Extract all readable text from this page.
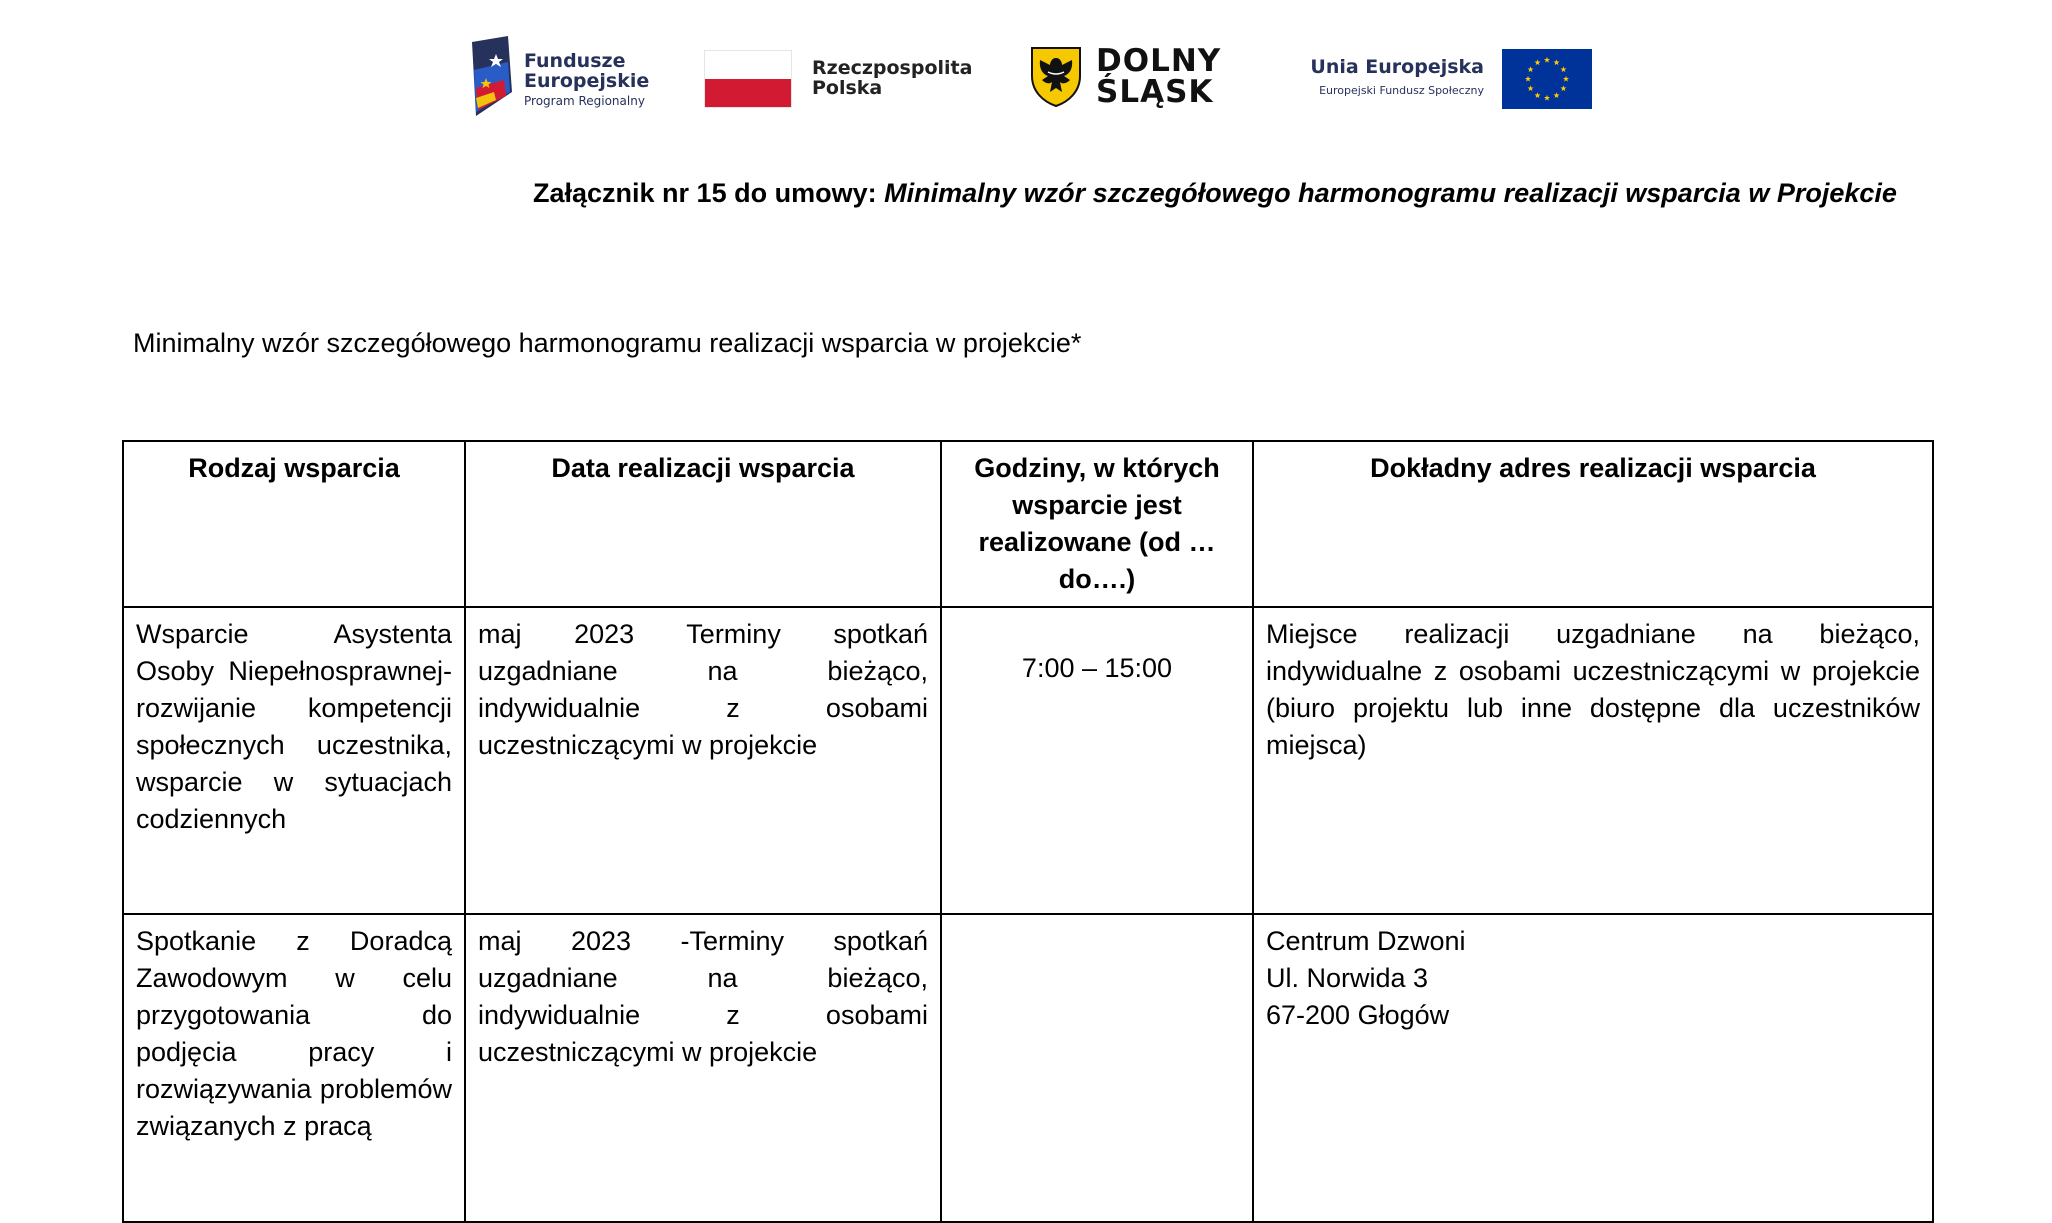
Fundusze
Europejskie
Program Regionalny
Rzeczpospolita
Polska
DOLNY
ŚLĄSK
Unia Europejska
Europejski Fundusz Społeczny
Załącznik nr 15 do umowy: Minimalny wzór szczegółowego harmonogramu realizacji wsparcia w Projekcie
Minimalny wzór szczegółowego harmonogramu realizacji wsparcia w projekcie*
Rodzaj wsparcia	Data realizacji wsparcia	Godziny, w których wsparcie jest realizowane (od … do….)	Dokładny adres realizacji wsparcia
Wsparcie Asystenta Osoby Niepełnosprawnej- rozwijanie kompetencji społecznych uczestnika, wsparcie w sytuacjach codziennych	maj 2023 Terminy spotkań uzgadniane na bieżąco, indywidualnie z osobami uczestniczącymi w projekcie	7:00 – 15:00	Miejsce realizacji uzgadniane na bieżąco, indywidualne z osobami uczestniczącymi w projekcie (biuro projektu lub inne dostępne dla uczestników miejsca)
Spotkanie z Doradcą Zawodowym w celu przygotowania do podjęcia pracy i rozwiązywania problemów związanych z pracą	maj 2023 -Terminy spotkań uzgadniane na bieżąco, indywidualnie z osobami uczestniczącymi w projekcie		Centrum Dzwoni
Ul. Norwida 3
67-200 Głogów
